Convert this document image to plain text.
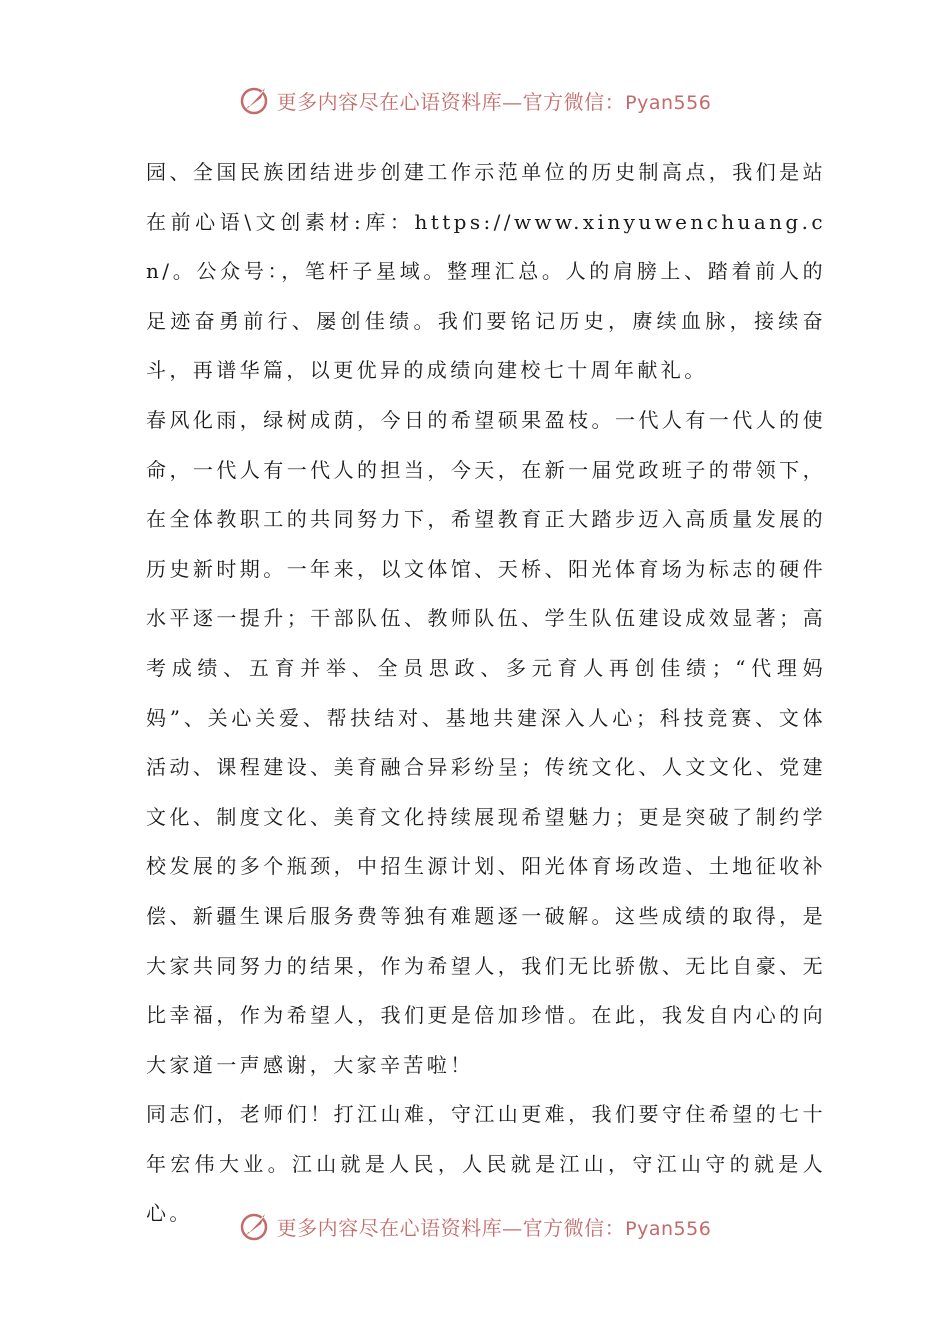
更多内容尽在心语资料库—官方微信：Pyan556

园、全国民族团结进步创建工作示范单位的历史制高点，我们是站在前心语\文创素材:库：https://www.xinyuwenchuang.cn/。公众号：，笔杆子星域。整理汇总。人的肩膀上、踏着前人的足迹奋勇前行、屡创佳绩。我们要铭记历史，赓续血脉，接续奋斗，再谱华篇，以更优异的成绩向建校七十周年献礼。

春风化雨，绿树成荫，今日的希望硕果盈枝。一代人有一代人的使命，一代人有一代人的担当，今天，在新一届党政班子的带领下，在全体教职工的共同努力下，希望教育正大踏步迈入高质量发展的历史新时期。一年来，以文体馆、天桥、阳光体育场为标志的硬件水平逐一提升；干部队伍、教师队伍、学生队伍建设成效显著；高考成绩、五育并举、全员思政、多元育人再创佳绩；“代理妈妈”、关心关爱、帮扶结对、基地共建深入人心；科技竞赛、文体活动、课程建设、美育融合异彩纷呈；传统文化、人文文化、党建文化、制度文化、美育文化持续展现希望魅力；更是突破了制约学校发展的多个瓶颈，中招生源计划、阳光体育场改造、土地征收补偿、新疆生课后服务费等独有难题逐一破解。这些成绩的取得，是大家共同努力的结果，作为希望人，我们无比骄傲、无比自豪、无比幸福，作为希望人，我们更是倍加珍惜。在此，我发自内心的向大家道一声感谢，大家辛苦啦！

同志们，老师们！打江山难，守江山更难，我们要守住希望的七十年宏伟大业。江山就是人民，人民就是江山，守江山守的就是人心。

更多内容尽在心语资料库—官方微信：Pyan556
